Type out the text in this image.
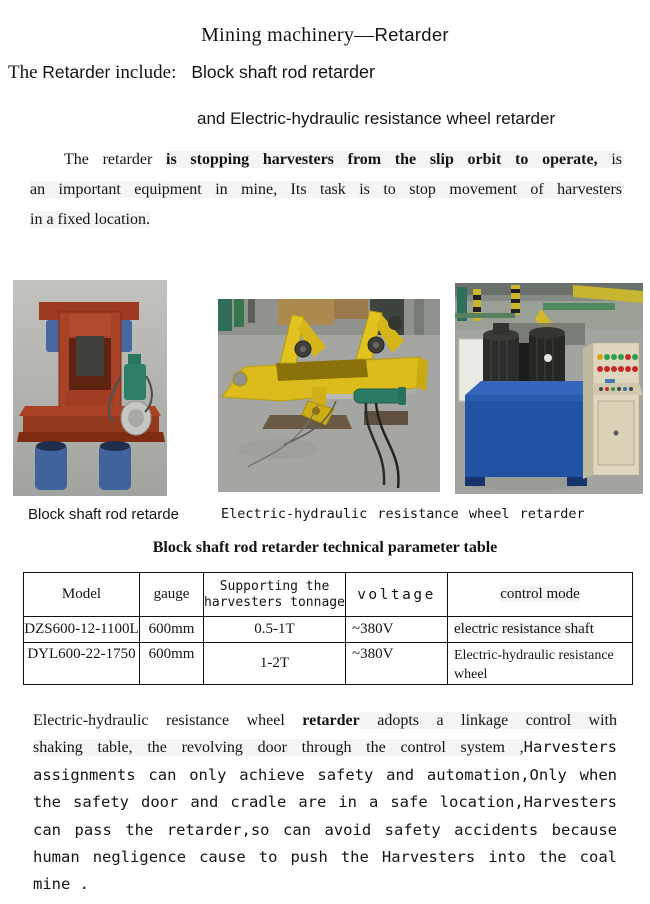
Mining machinery—Retarder
The Retarder include: Block shaft rod retarder
and Electric-hydraulic resistance wheel retarder
The retarder is stopping harvesters from the slip orbit to operate, is
an important equipment in mine, Its task is to stop movement of harvesters
in a fixed location.
Block shaft rod retarde	Electric-hydraulic resistance wheel retarder
Block shaft rod retarder technical parameter table
Model	gauge	Supporting the
harvesters tonnage	voltage	control mode
DZS600-12-1100L	600mm	0.5-1T	~380V	electric resistance shaft
DYL600-22-1750	600mm	1-2T	~380V	Electric-hydraulic resistance wheel
Electric-hydraulic resistance wheel retarder adopts a linkage control with
shaking table, the revolving door through the control system ,Harvesters
assignments can only achieve safety and automation,Only when
the safety door and cradle are in a safe location,Harvesters
can pass the retarder,so can avoid safety accidents because
human negligence cause to push the Harvesters into the coal
mine .
